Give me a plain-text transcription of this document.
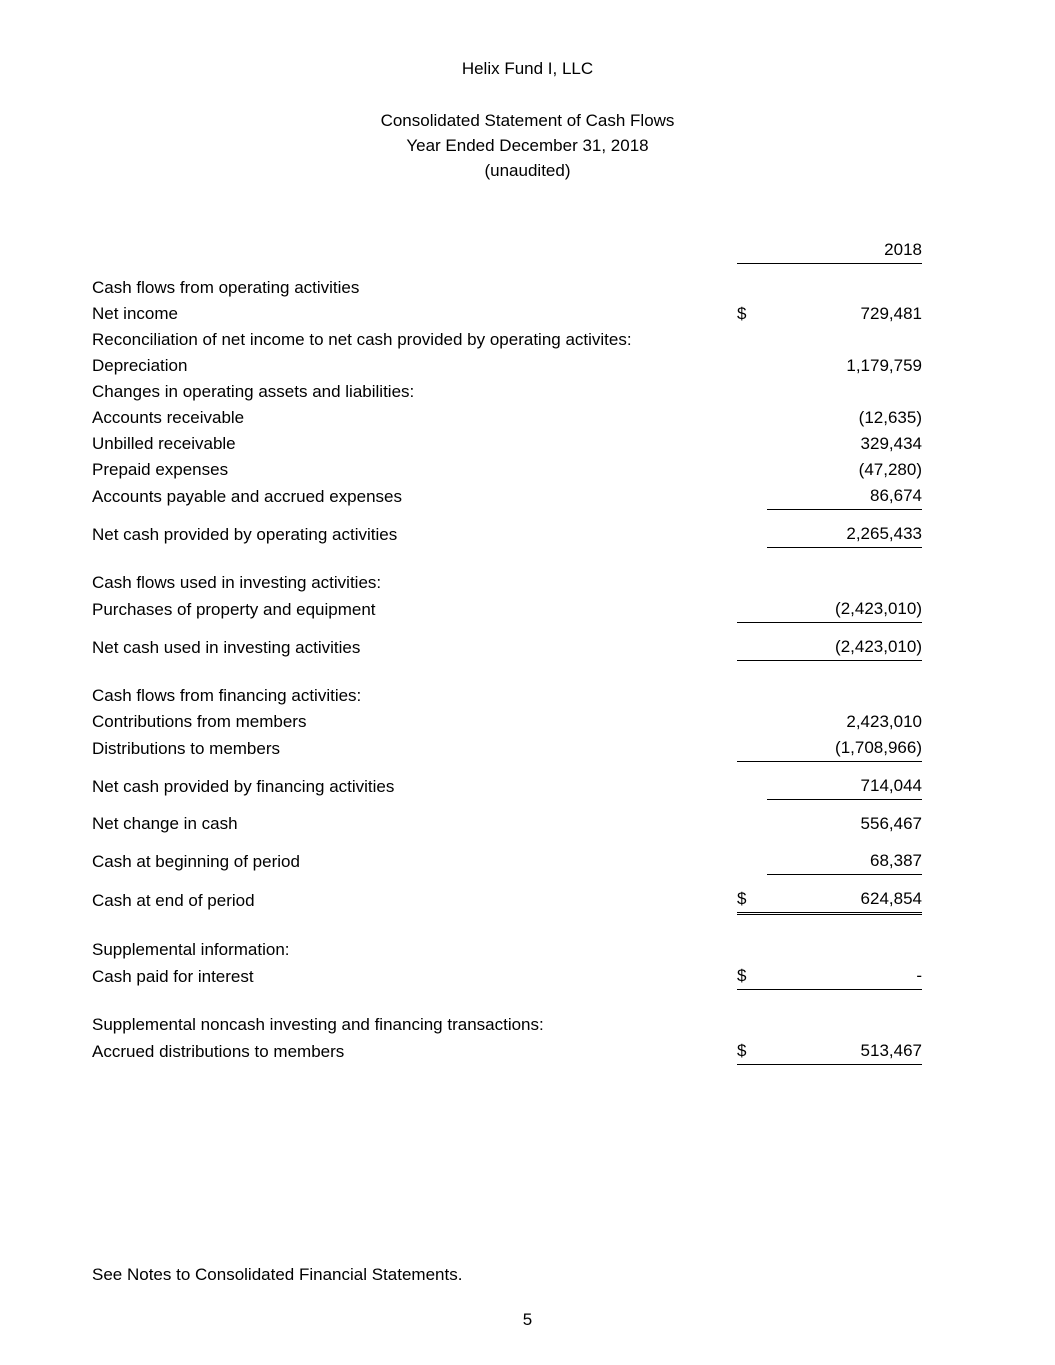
Helix Fund I, LLC
Consolidated Statement of Cash Flows
Year Ended December 31, 2018
(unaudited)
		2018

Cash flows from operating activities		
Net income	$	729,481
Reconciliation of net income to net cash provided by operating activites:		
Depreciation		1,179,759
Changes in operating assets and liabilities:		
Accounts receivable		(12,635)
Unbilled receivable		329,434
Prepaid expenses		(47,280)
Accounts payable and accrued expenses		86,674

Net cash provided by operating activities		2,265,433

Cash flows used in investing activities:		
Purchases of property and equipment		(2,423,010)

Net cash used in investing activities		(2,423,010)

Cash flows from financing activities:		
Contributions from members		2,423,010
Distributions to members		(1,708,966)

Net cash provided by financing activities		714,044

Net change in cash		556,467

Cash at beginning of period		68,387

Cash at end of period	$	624,854

Supplemental information:		
Cash paid for interest	$	-

Supplemental noncash investing and financing transactions:		
Accrued distributions to members	$	513,467
See Notes to Consolidated Financial Statements.
5
